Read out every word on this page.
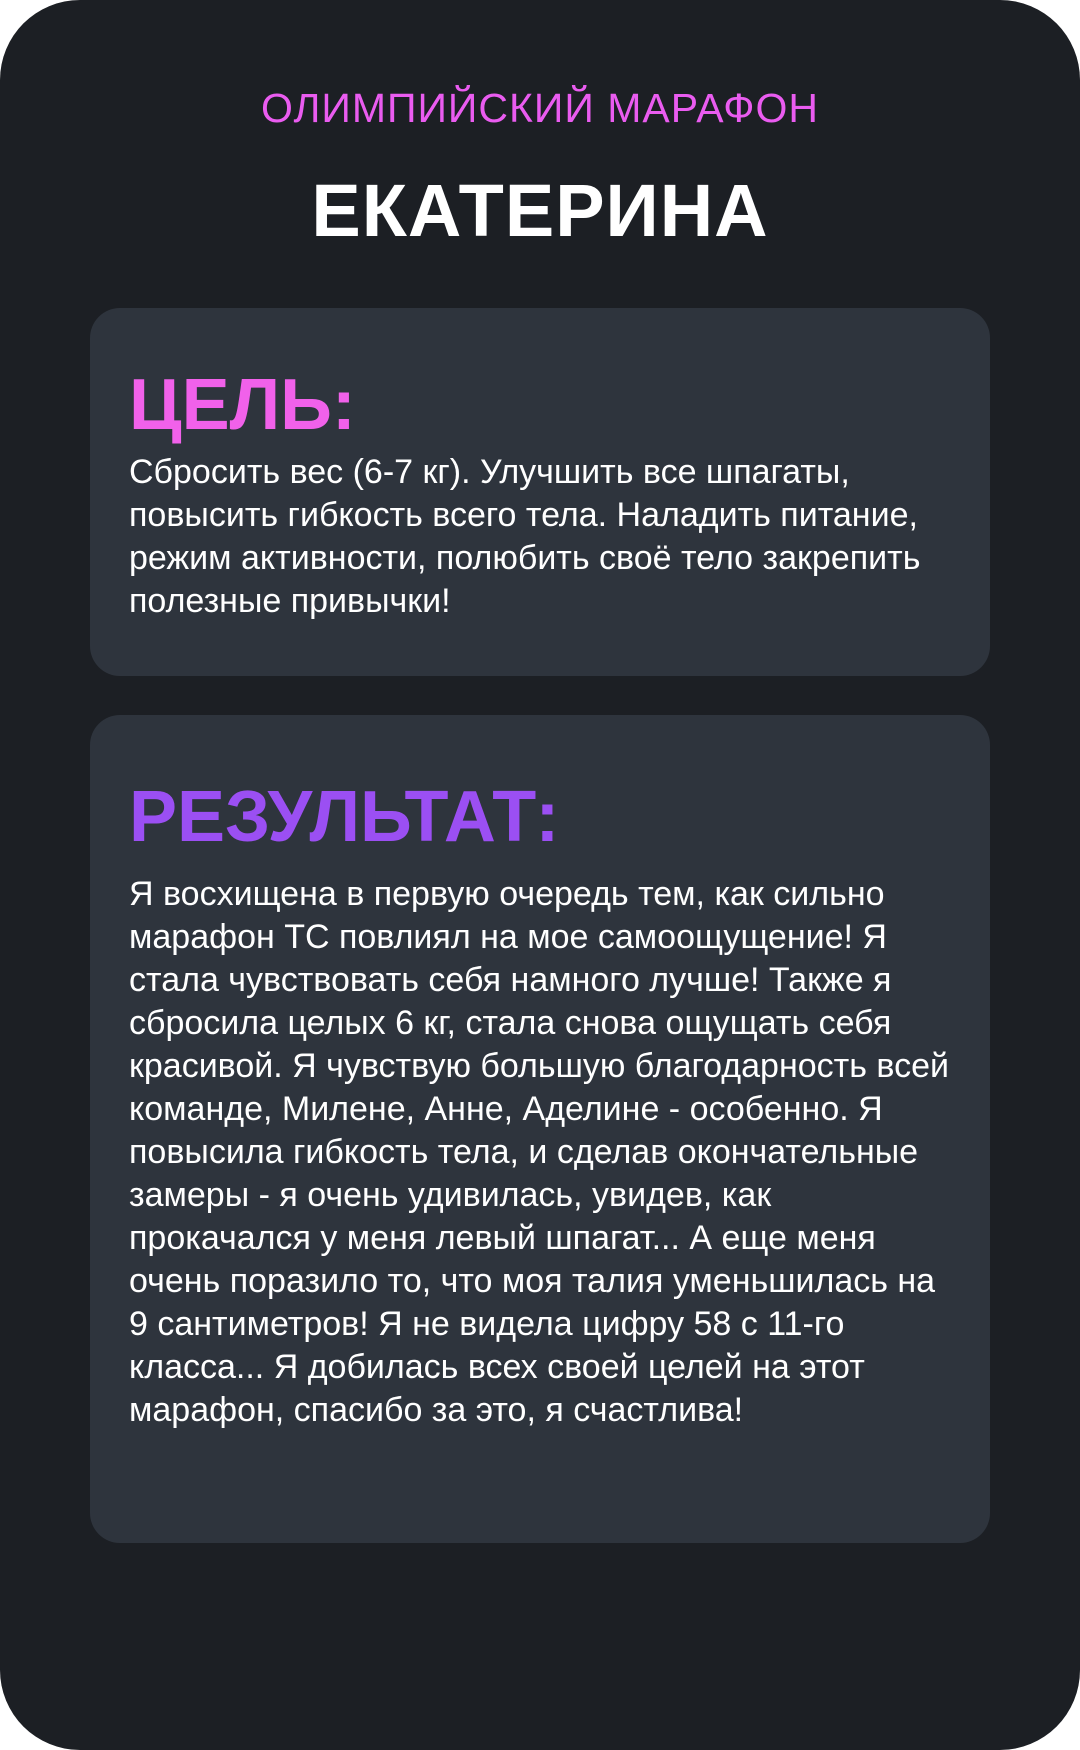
ОЛИМПИЙСКИЙ МАРАФОН
ЕКАТЕРИНА
ЦЕЛЬ:

Сбросить вес (6-7 кг). Улучшить все шпагаты, повысить гибкость всего тела. Наладить питание, режим активности, полюбить своё тело закрепить полезные привычки!

РЕЗУЛЬТАТ:

Я восхищена в первую очередь тем, как сильно марафон ТС повлиял на мое самоощущение! Я стала чувствовать себя намного лучше! Также я сбросила целых 6 кг, стала снова ощущать себя красивой. Я чувствую большую благодарность всей команде, Милене, Анне, Аделине - особенно. Я повысила гибкость тела, и сделав окончательные замеры - я очень удивилась, увидев, как прокачался у меня левый шпагат... А еще меня очень поразило то, что моя талия уменьшилась на 9 сантиметров! Я не видела цифру 58 с 11-го класса... Я добилась всех своей целей на этот марафон, спасибо за это, я счастлива!
